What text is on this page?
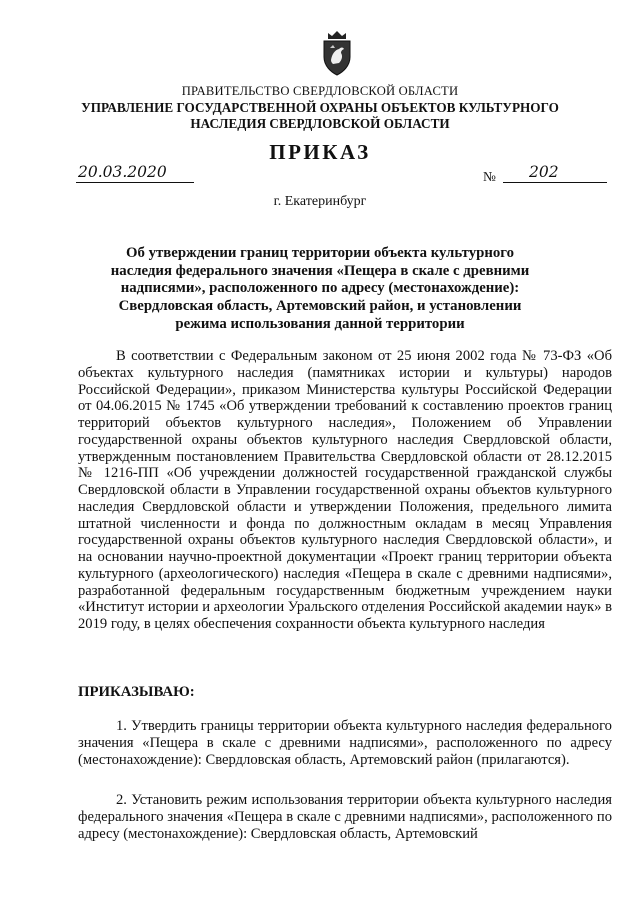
ПРАВИТЕЛЬСТВО СВЕРДЛОВСКОЙ ОБЛАСТИ
УПРАВЛЕНИЕ ГОСУДАРСТВЕННОЙ ОХРАНЫ ОБЪЕКТОВ КУЛЬТУРНОГО НАСЛЕДИЯ СВЕРДЛОВСКОЙ ОБЛАСТИ
ПРИКАЗ
20.03.2020	№	202
г. Екатеринбург
Об утверждении границ территории объекта культурного наследия федерального значения «Пещера в скале с древними надписями», расположенного по адресу (местонахождение): Свердловская область, Артемовский район, и установлении режима использования данной территории
В соответствии с Федеральным законом от 25 июня 2002 года № 73-ФЗ «Об объектах культурного наследия (памятниках истории и культуры) народов Российской Федерации», приказом Министерства культуры Российской Федерации от 04.06.2015 № 1745 «Об утверждении требований к составлению проектов границ территорий объектов культурного наследия», Положением об Управлении государственной охраны объектов культурного наследия Свердловской области, утвержденным постановлением Правительства Свердловской области от 28.12.2015 № 1216-ПП «Об учреждении должностей государственной гражданской службы Свердловской области в Управлении государственной охраны объектов культурного наследия Свердловской области и утверждении Положения, предельного лимита штатной численности и фонда по должностным окладам в месяц Управления государственной охраны объектов культурного наследия Свердловской области», и на основании научно-проектной документации «Проект границ территории объекта культурного (археологического) наследия «Пещера в скале с древними надписями», разработанной федеральным государственным бюджетным учреждением науки «Институт истории и археологии Уральского отделения Российской академии наук» в 2019 году, в целях обеспечения сохранности объекта культурного наследия
ПРИКАЗЫВАЮ:
1. Утвердить границы территории объекта культурного наследия федерального значения «Пещера в скале с древними надписями», расположенного по адресу (местонахождение): Свердловская область, Артемовский район (прилагаются).
2. Установить режим использования территории объекта культурного наследия федерального значения «Пещера в скале с древними надписями», расположенного по адресу (местонахождение): Свердловская область, Артемовский
